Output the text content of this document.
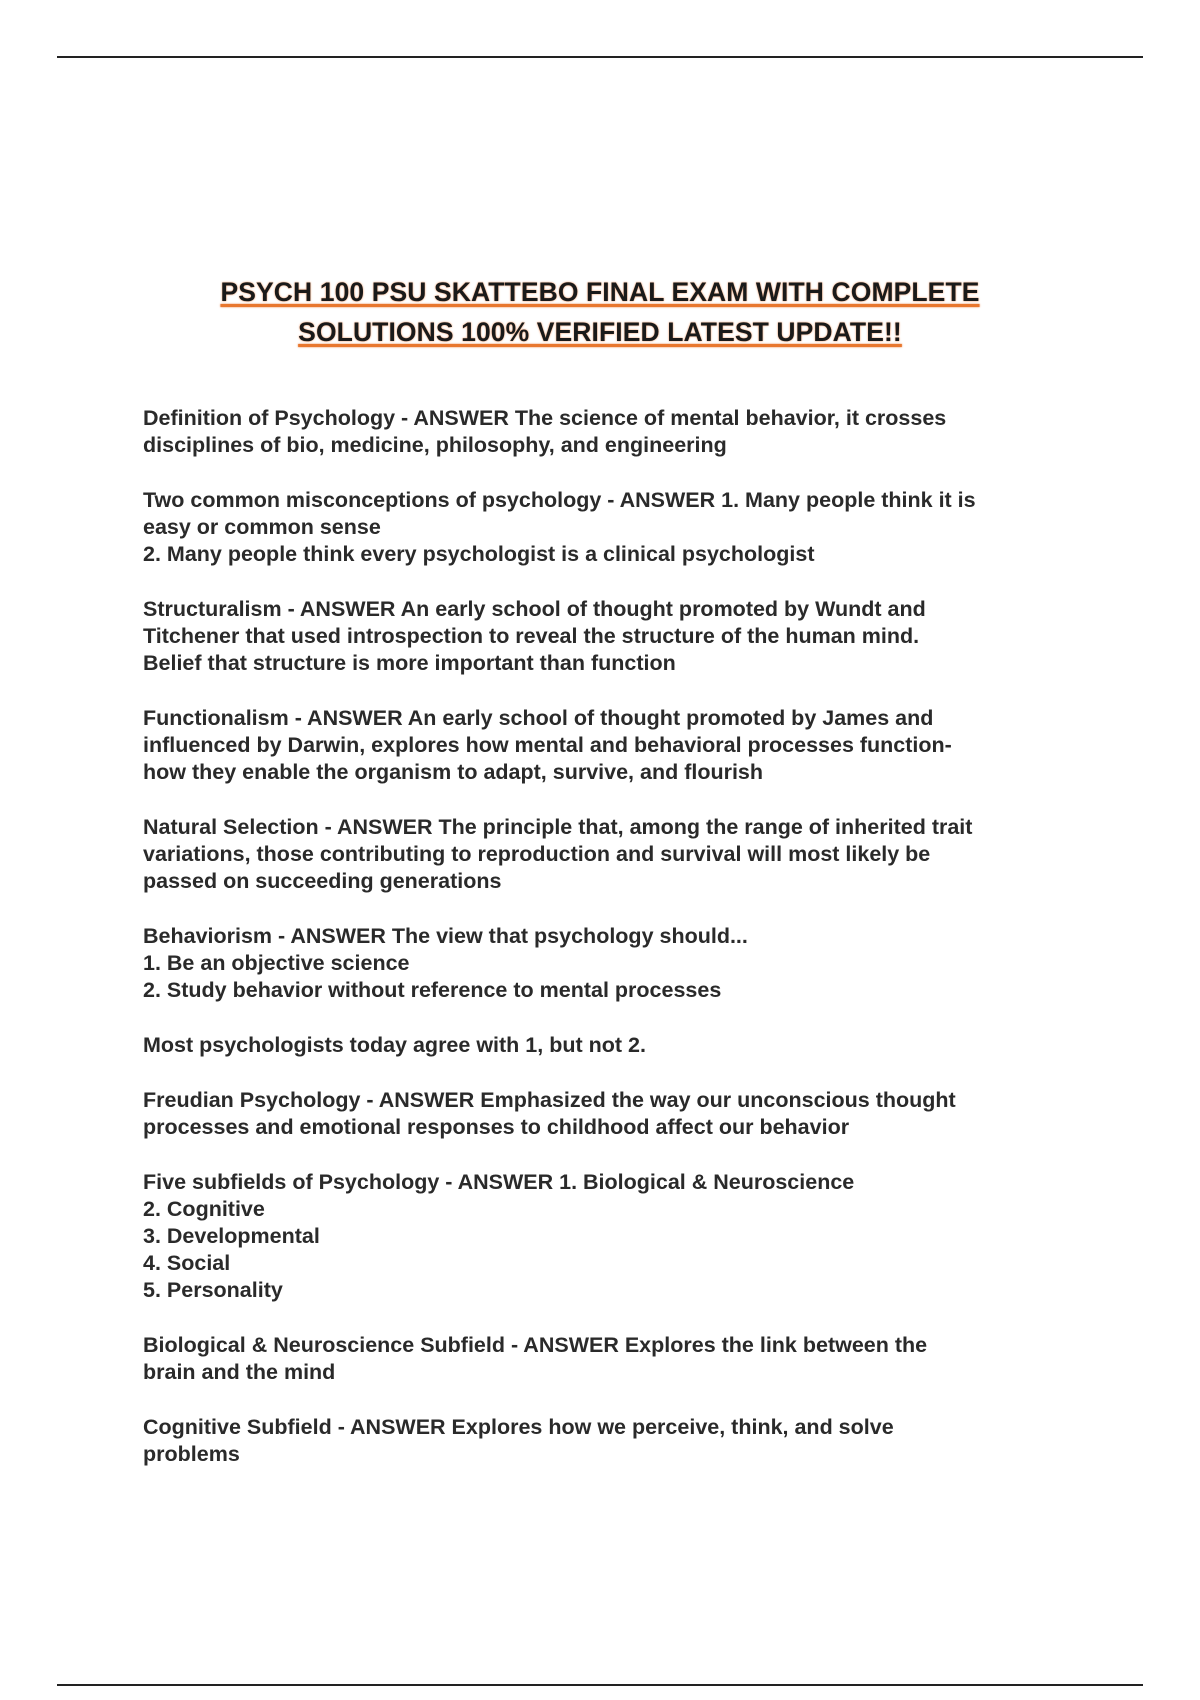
PSYCH 100 PSU SKATTEBO FINAL EXAM WITH COMPLETE
SOLUTIONS 100% VERIFIED LATEST UPDATE!!

Definition of Psychology - ANSWER The science of mental behavior, it crosses
disciplines of bio, medicine, philosophy, and engineering

Two common misconceptions of psychology - ANSWER 1. Many people think it is
easy or common sense
2. Many people think every psychologist is a clinical psychologist

Structuralism - ANSWER An early school of thought promoted by Wundt and
Titchener that used introspection to reveal the structure of the human mind.
Belief that structure is more important than function

Functionalism - ANSWER An early school of thought promoted by James and
influenced by Darwin, explores how mental and behavioral processes function-
how they enable the organism to adapt, survive, and flourish

Natural Selection - ANSWER The principle that, among the range of inherited trait
variations, those contributing to reproduction and survival will most likely be
passed on succeeding generations

Behaviorism - ANSWER The view that psychology should...
1. Be an objective science
2. Study behavior without reference to mental processes

Most psychologists today agree with 1, but not 2.

Freudian Psychology - ANSWER Emphasized the way our unconscious thought
processes and emotional responses to childhood affect our behavior

Five subfields of Psychology - ANSWER 1. Biological & Neuroscience
2. Cognitive
3. Developmental
4. Social
5. Personality

Biological & Neuroscience Subfield - ANSWER Explores the link between the
brain and the mind

Cognitive Subfield - ANSWER Explores how we perceive, think, and solve
problems
